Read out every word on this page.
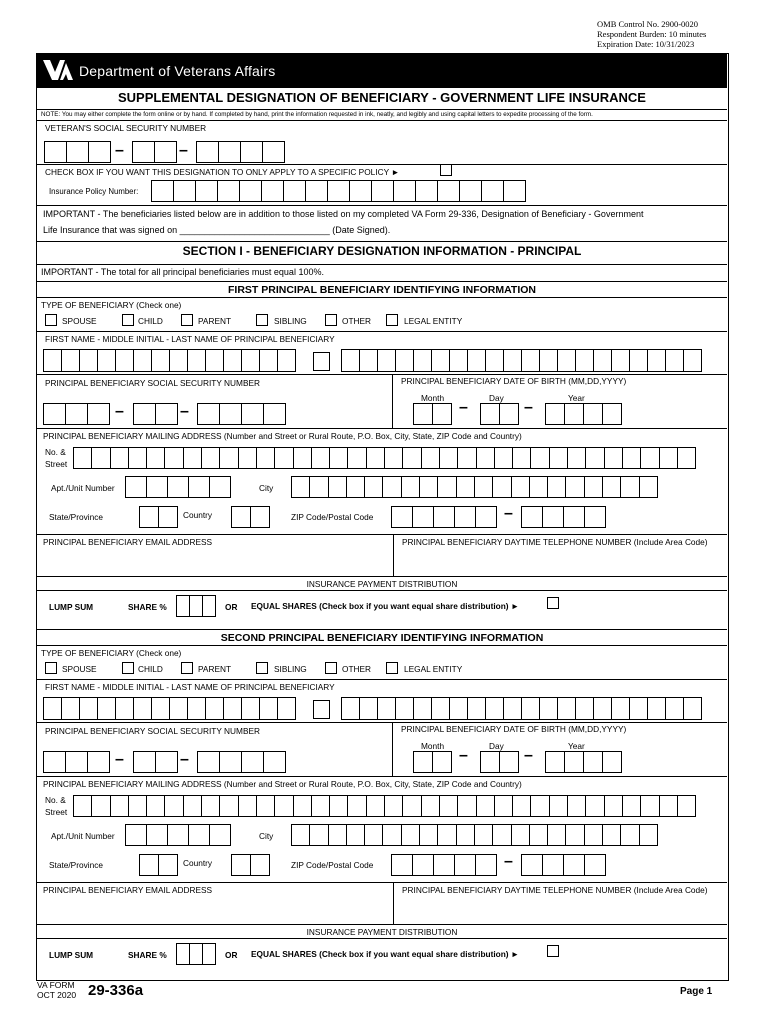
OMB Control No. 2900-0020
Respondent Burden: 10 minutes
Expiration Date: 10/31/2023
Department of Veterans Affairs
SUPPLEMENTAL DESIGNATION OF BENEFICIARY - GOVERNMENT LIFE INSURANCE
NOTE: You may either complete the form online or by hand. If completed by hand, print the information requested in ink, neatly, and legibly and using capital letters to expedite processing of the form.
VETERAN'S SOCIAL SECURITY NUMBER
CHECK BOX IF YOU WANT THIS DESIGNATION TO ONLY APPLY TO A SPECIFIC POLICY ►
Insurance Policy Number:
IMPORTANT - The beneficiaries listed below are in addition to those listed on my completed VA Form 29-336, Designation of Beneficiary - Government
Life Insurance that was signed on ______________________________ (Date Signed).
SECTION I - BENEFICIARY DESIGNATION INFORMATION - PRINCIPAL
IMPORTANT - The total for all principal beneficiaries must equal 100%.
–	–
FIRST PRINCIPAL BENEFICIARY IDENTIFYING INFORMATION
TYPE OF BENEFICIARY (Check one)
SPOUSE	CHILD	PARENT	SIBLING	OTHER	LEGAL ENTITY
FIRST NAME - MIDDLE INITIAL - LAST NAME OF PRINCIPAL BENEFICIARY
PRINCIPAL BENEFICIARY SOCIAL SECURITY NUMBER	PRINCIPAL BENEFICIARY DATE OF BIRTH (MM,DD,YYYY)
–	–
Month	Day	Year
–	–
PRINCIPAL BENEFICIARY MAILING ADDRESS (Number and Street or Rural Route, P.O. Box, City, State, ZIP Code and Country)
No. &
Street
Apt./Unit Number	City
State/Province	Country	ZIP Code/Postal Code	–
PRINCIPAL BENEFICIARY EMAIL ADDRESS	PRINCIPAL BENEFICIARY DAYTIME TELEPHONE NUMBER (Include Area Code)
INSURANCE PAYMENT DISTRIBUTION
LUMP SUM	SHARE %	OR EQUAL SHARES (Check box if you want equal share distribution) ►
SECOND PRINCIPAL BENEFICIARY IDENTIFYING INFORMATION
TYPE OF BENEFICIARY (Check one)
SPOUSE	CHILD	PARENT	SIBLING	OTHER	LEGAL ENTITY
FIRST NAME - MIDDLE INITIAL - LAST NAME OF PRINCIPAL BENEFICIARY
PRINCIPAL BENEFICIARY SOCIAL SECURITY NUMBER	PRINCIPAL BENEFICIARY DATE OF BIRTH (MM,DD,YYYY)
–	–
Month	Day	Year
–	–
PRINCIPAL BENEFICIARY MAILING ADDRESS (Number and Street or Rural Route, P.O. Box, City, State, ZIP Code and Country)
No. &
Street
Apt./Unit Number	City
State/Province	Country	ZIP Code/Postal Code	–
PRINCIPAL BENEFICIARY EMAIL ADDRESS	PRINCIPAL BENEFICIARY DAYTIME TELEPHONE NUMBER (Include Area Code)
INSURANCE PAYMENT DISTRIBUTION
LUMP SUM	SHARE %	OR EQUAL SHARES (Check box if you want equal share distribution) ►
VA FORM
OCT 2020 29-336a	Page 1
